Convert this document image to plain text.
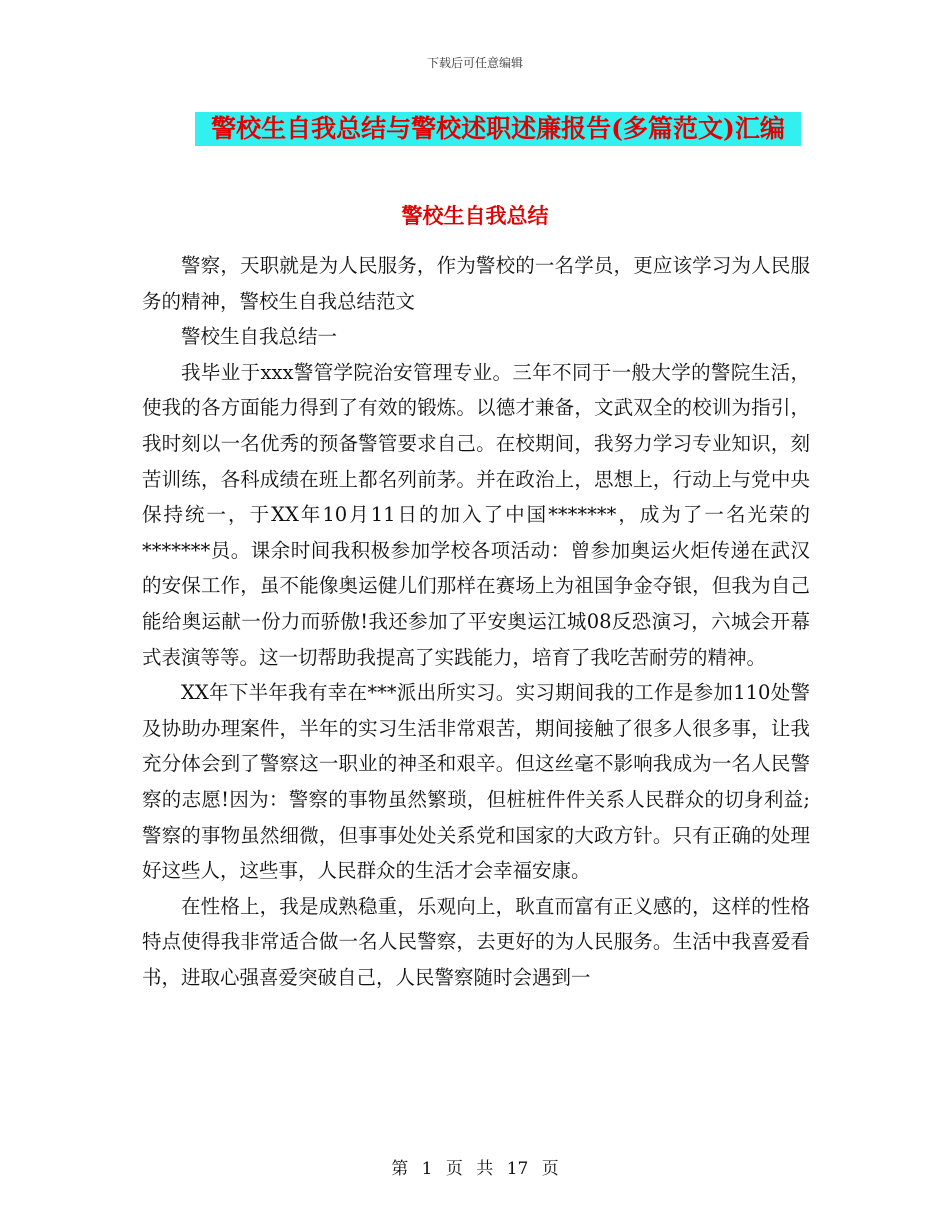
下载后可任意编辑
警校生自我总结与警校述职述廉报告(多篇范文)汇编
警校生自我总结

警察，天职就是为人民服务，作为警校的一名学员，更应该学习为人民服务的精神，警校生自我总结范文

警校生自我总结一

我毕业于xxx警管学院治安管理专业。三年不同于一般大学的警院生活，使我的各方面能力得到了有效的锻炼。以德才兼备，文武双全的校训为指引，我时刻以一名优秀的预备警管要求自己。在校期间，我努力学习专业知识，刻苦训练，各科成绩在班上都名列前茅。并在政治上，思想上，行动上与党中央保持统一，于XX年10月11日的加入了中国*******，成为了一名光荣的*******员。课余时间我积极参加学校各项活动：曾参加奥运火炬传递在武汉的安保工作，虽不能像奥运健儿们那样在赛场上为祖国争金夺银，但我为自己能给奥运献一份力而骄傲!我还参加了平安奥运江城08反恐演习，六城会开幕式表演等等。这一切帮助我提高了实践能力，培育了我吃苦耐劳的精神。

XX年下半年我有幸在***派出所实习。实习期间我的工作是参加110处警及协助办理案件，半年的实习生活非常艰苦，期间接触了很多人很多事，让我充分体会到了警察这一职业的神圣和艰辛。但这丝毫不影响我成为一名人民警察的志愿!因为：警察的事物虽然繁琐，但桩桩件件关系人民群众的切身利益;警察的事物虽然细微，但事事处处关系党和国家的大政方针。只有正确的处理好这些人，这些事，人民群众的生活才会幸福安康。

在性格上，我是成熟稳重，乐观向上，耿直而富有正义感的，这样的性格特点使得我非常适合做一名人民警察，去更好的为人民服务。生活中我喜爱看书，进取心强喜爱突破自己，人民警察随时会遇到一

第 1 页 共 17 页
